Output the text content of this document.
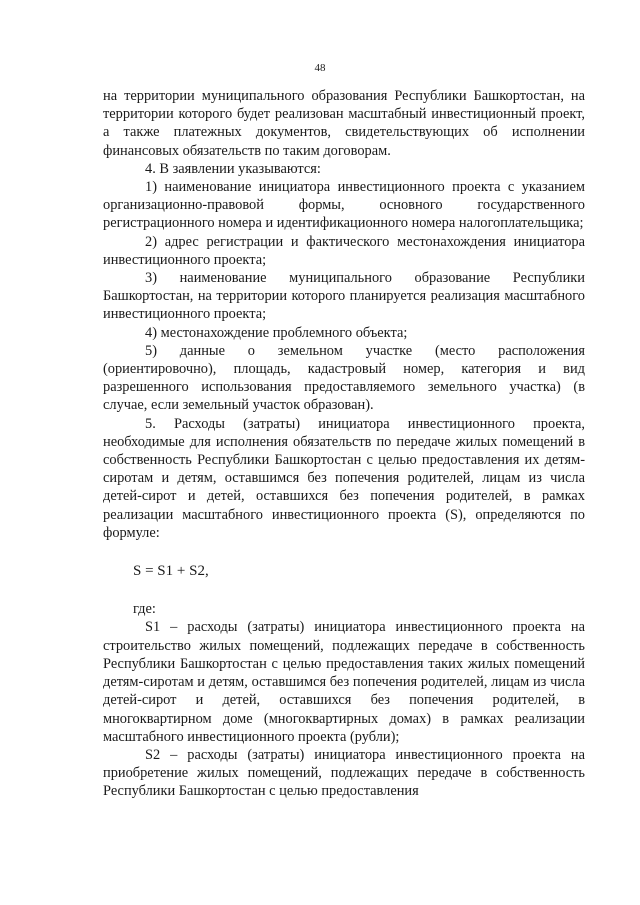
48

на территории муниципального образования Республики Башкортостан, на территории которого будет реализован масштабный инвестиционный проект, а также платежных документов, свидетельствующих об исполнении финансовых обязательств по таким договорам.

4. В заявлении указываются:

1) наименование инициатора инвестиционного проекта с указанием организационно-правовой формы, основного государственного регистрационного номера и идентификационного номера налогоплательщика;

2) адрес регистрации и фактического местонахождения инициатора инвестиционного проекта;

3) наименование муниципального образование Республики Башкортостан, на территории которого планируется реализация масштабного инвестиционного проекта;

4) местонахождение проблемного объекта;

5) данные о земельном участке (место расположения (ориентировочно), площадь, кадастровый номер, категория и вид разрешенного использования предоставляемого земельного участка) (в случае, если земельный участок образован).

5. Расходы (затраты) инициатора инвестиционного проекта, необходимые для исполнения обязательств по передаче жилых помещений в собственность Республики Башкортостан с целью предоставления их детям-сиротам и детям, оставшимся без попечения родителей, лицам из числа детей-сирот и детей, оставшихся без попечения родителей, в рамках реализации масштабного инвестиционного проекта (S), определяются по формуле:

S = S1 + S2,

где:

S1 – расходы (затраты) инициатора инвестиционного проекта на строительство жилых помещений, подлежащих передаче в собственность Республики Башкортостан с целью предоставления таких жилых помещений детям-сиротам и детям, оставшимся без попечения родителей, лицам из числа детей-сирот и детей, оставшихся без попечения родителей, в многоквартирном доме (многоквартирных домах) в рамках реализации масштабного инвестиционного проекта (рубли);

S2 – расходы (затраты) инициатора инвестиционного проекта на приобретение жилых помещений, подлежащих передаче в собственность Республики Башкортостан с целью предоставления
